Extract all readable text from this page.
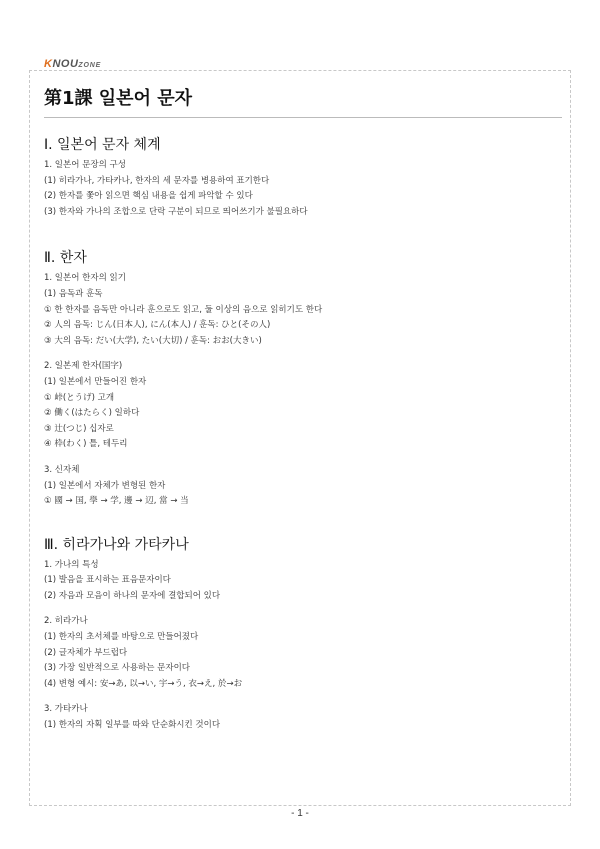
KNOUZONE
第1課 일본어 문자
Ⅰ. 일본어 문자 체계
1. 일본어 문장의 구성
(1) 히라가나, 가타카나, 한자의 세 문자를 병용하여 표기한다
(2) 한자를 쫓아 읽으면 핵심 내용을 쉽게 파악할 수 있다
(3) 한자와 가나의 조합으로 단락 구분이 되므로 띄어쓰기가 불필요하다
Ⅱ. 한자
1. 일본어 한자의 읽기
(1) 음독과 훈독
① 한 한자를 음독만 아니라 훈으로도 읽고, 둘 이상의 음으로 읽히기도 한다
② 人의 음독: じん(日本人), にん(本人) / 훈독: ひと(その人)
③ 大의 음독: だい(大学), たい(大切) / 훈독: おお(大きい)
2. 일본제 한자(国字)
(1) 일본에서 만들어진 한자
① 峠(とうげ) 고개
② 働く(はたらく) 일하다
③ 辻(つじ) 십자로
④ 枠(わく) 틀, 테두리
3. 신자체
(1) 일본에서 자체가 변형된 한자
① 國 → 国, 學 → 学, 邊 → 辺, 當 → 当
Ⅲ. 히라가나와 가타카나
1. 가나의 특성
(1) 발음을 표시하는 표음문자이다
(2) 자음과 모음이 하나의 문자에 결합되어 있다
2. 히라가나
(1) 한자의 초서체를 바탕으로 만들어졌다
(2) 글자체가 부드럽다
(3) 가장 일반적으로 사용하는 문자이다
(4) 변형 예시: 安→あ, 以→い, 宇→う, 衣→え, 於→お
3. 가타카나
(1) 한자의 자획 일부를 따와 단순화시킨 것이다
- 1 -
